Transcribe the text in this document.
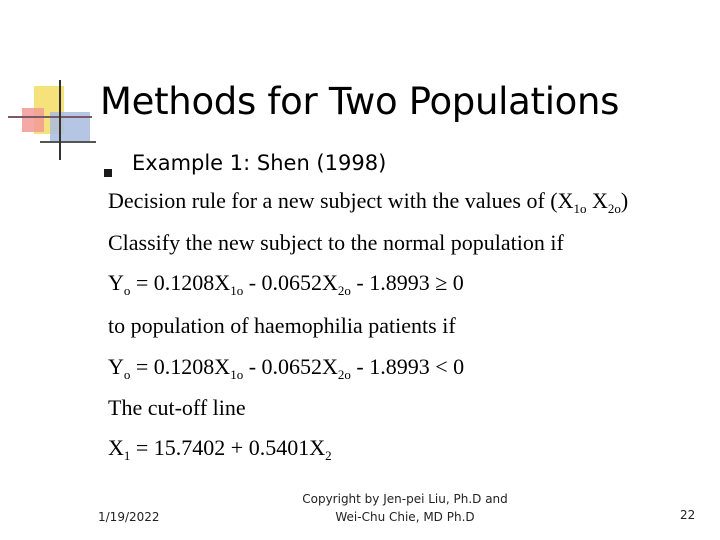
Methods for Two Populations
Example 1: Shen (1998)
Decision rule for a new subject with the values of ($X_{1o}$ $X_{2o}$)
Classify the new subject to the normal population if
$Y_o = 0.1208X_{1o} - 0.0652X_{2o} - 1.8993 \ge 0$
to population of haemophilia patients if
$Y_o = 0.1208X_{1o} - 0.0652X_{2o} - 1.8993 < 0$
The cut-off line
$X_1 = 15.7402 + 0.5401X_2$
1/19/2022
Copyright by Jen-pei Liu, Ph.D and
Wei-Chu Chie, MD Ph.D	22
